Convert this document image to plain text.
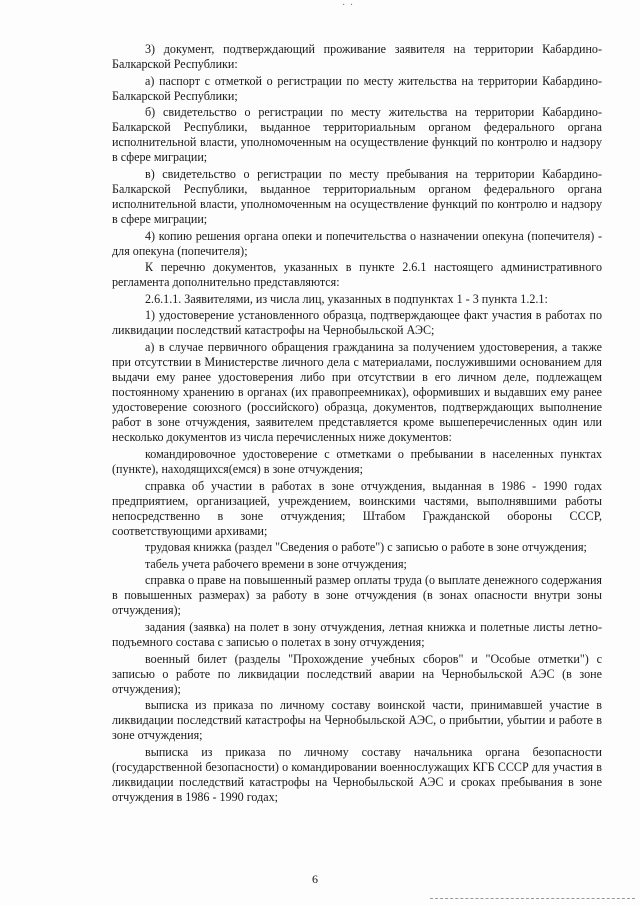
· ·

3) документ, подтверждающий проживание заявителя на территории Кабардино-Балкарской Республики:

а) паспорт с отметкой о регистрации по месту жительства на территории Кабардино-Балкарской Республики;

б) свидетельство о регистрации по месту жительства на территории Кабардино-Балкарской Республики, выданное территориальным органом федерального органа исполнительной власти, уполномоченным на осуществление функций по контролю и надзору в сфере миграции;

в) свидетельство о регистрации по месту пребывания на территории Кабардино-Балкарской Республики, выданное территориальным органом федерального органа исполнительной власти, уполномоченным на осуществление функций по контролю и надзору в сфере миграции;

4) копию решения органа опеки и попечительства о назначении опекуна (попечителя) - для опекуна (попечителя);

К перечню документов, указанных в пункте 2.6.1 настоящего административного регламента дополнительно представляются:

2.6.1.1. Заявителями, из числа лиц, указанных в подпунктах 1 - 3 пункта 1.2.1:

1) удостоверение установленного образца, подтверждающее факт участия в работах по ликвидации последствий катастрофы на Чернобыльской АЭС;

а) в случае первичного обращения гражданина за получением удостоверения, а также при отсутствии в Министерстве личного дела с материалами, послужившими основанием для выдачи ему ранее удостоверения либо при отсутствии в его личном деле, подлежащем постоянному хранению в органах (их правопреемниках), оформивших и выдавших ему ранее удостоверение союзного (российского) образца, документов, подтверждающих выполнение работ в зоне отчуждения, заявителем представляется кроме вышеперечисленных один или несколько документов из числа перечисленных ниже документов:

командировочное удостоверение с отметками о пребывании в населенных пунктах (пункте), находящихся(емся) в зоне отчуждения;

справка об участии в работах в зоне отчуждения, выданная в 1986 - 1990 годах предприятием, организацией, учреждением, воинскими частями, выполнявшими работы непосредственно в зоне отчуждения; Штабом Гражданской обороны СССР, соответствующими архивами;

трудовая книжка (раздел "Сведения о работе") с записью о работе в зоне отчуждения;

табель учета рабочего времени в зоне отчуждения;

справка о праве на повышенный размер оплаты труда (о выплате денежного содержания в повышенных размерах) за работу в зоне отчуждения (в зонах опасности внутри зоны отчуждения);

задания (заявка) на полет в зону отчуждения, летная книжка и полетные листы летно-подъемного состава с записью о полетах в зону отчуждения;

военный билет (разделы "Прохождение учебных сборов" и "Особые отметки") с записью о работе по ликвидации последствий аварии на Чернобыльской АЭС (в зоне отчуждения);

выписка из приказа по личному составу воинской части, принимавшей участие в ликвидации последствий катастрофы на Чернобыльской АЭС, о прибытии, убытии и работе в зоне отчуждения;

выписка из приказа по личному составу начальника органа безопасности (государственной безопасности) о командировании военнослужащих КГБ СССР для участия в ликвидации последствий катастрофы на Чернобыльской АЭС и сроках пребывания в зоне отчуждения в 1986 - 1990 годах;

6
